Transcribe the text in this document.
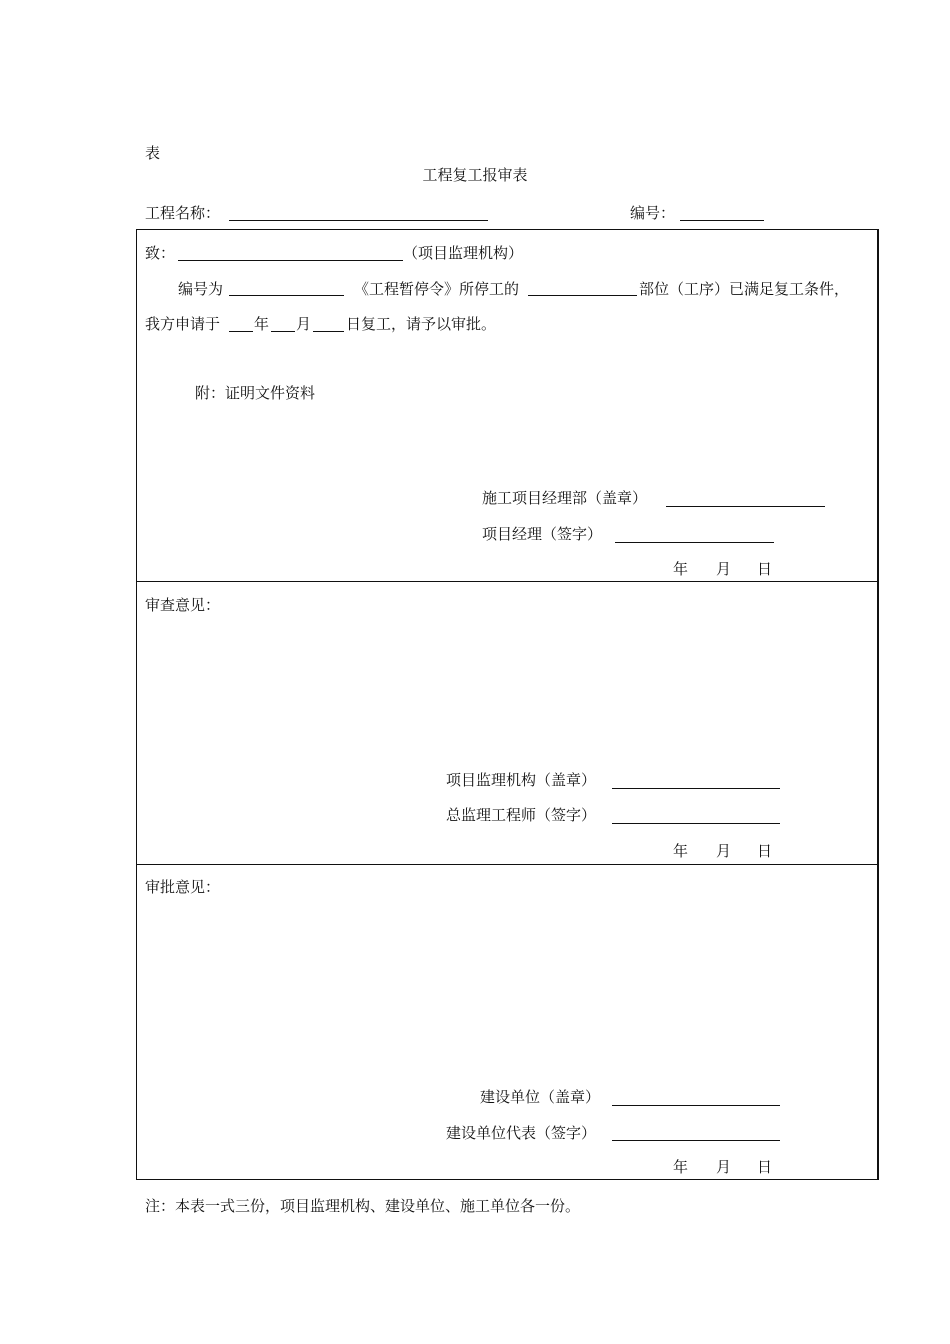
表
工程复工报审表
工程名称：	编号：
致：	（项目监理机构）
编号为	《工程暂停令》所停工的	部位（工序）已满足复工条件，
我方申请于 年 月 日复工，请予以审批。
附：证明文件资料
施工项目经理部（盖章）
项目经理（签字）
年 月 日
审查意见：
项目监理机构（盖章）
总监理工程师（签字）
年 月 日
审批意见：
建设单位（盖章）
建设单位代表（签字）
年 月 日
注：本表一式三份，项目监理机构、建设单位、施工单位各一份。
